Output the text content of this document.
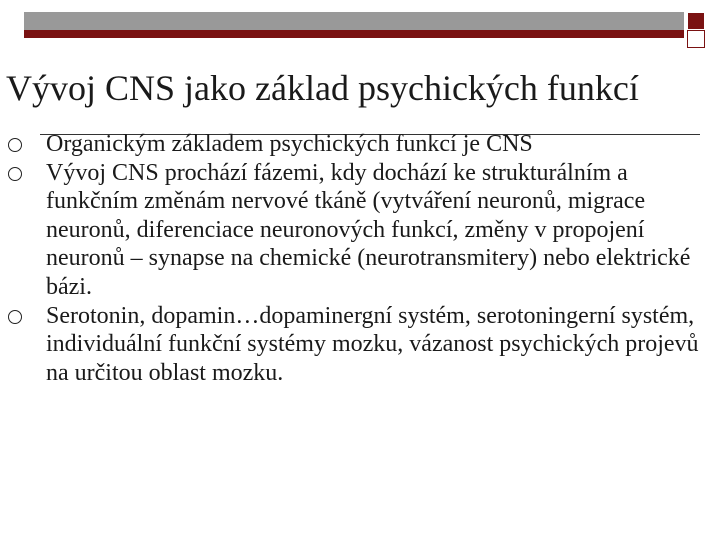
Vývoj CNS jako základ psychických funkcí
Organickým základem psychických funkcí je CNS
Vývoj CNS prochází fázemi, kdy dochází ke strukturálním a funkčním změnám nervové tkáně (vytváření neuronů, migrace neuronů, diferenciace neuronových funkcí, změny v propojení neuronů – synapse na chemické (neurotransmitery) nebo elektrické bázi.
Serotonin, dopamin…dopaminergní systém, serotoningerní systém, individuální funkční systémy mozku, vázanost psychických projevů na určitou oblast mozku.
